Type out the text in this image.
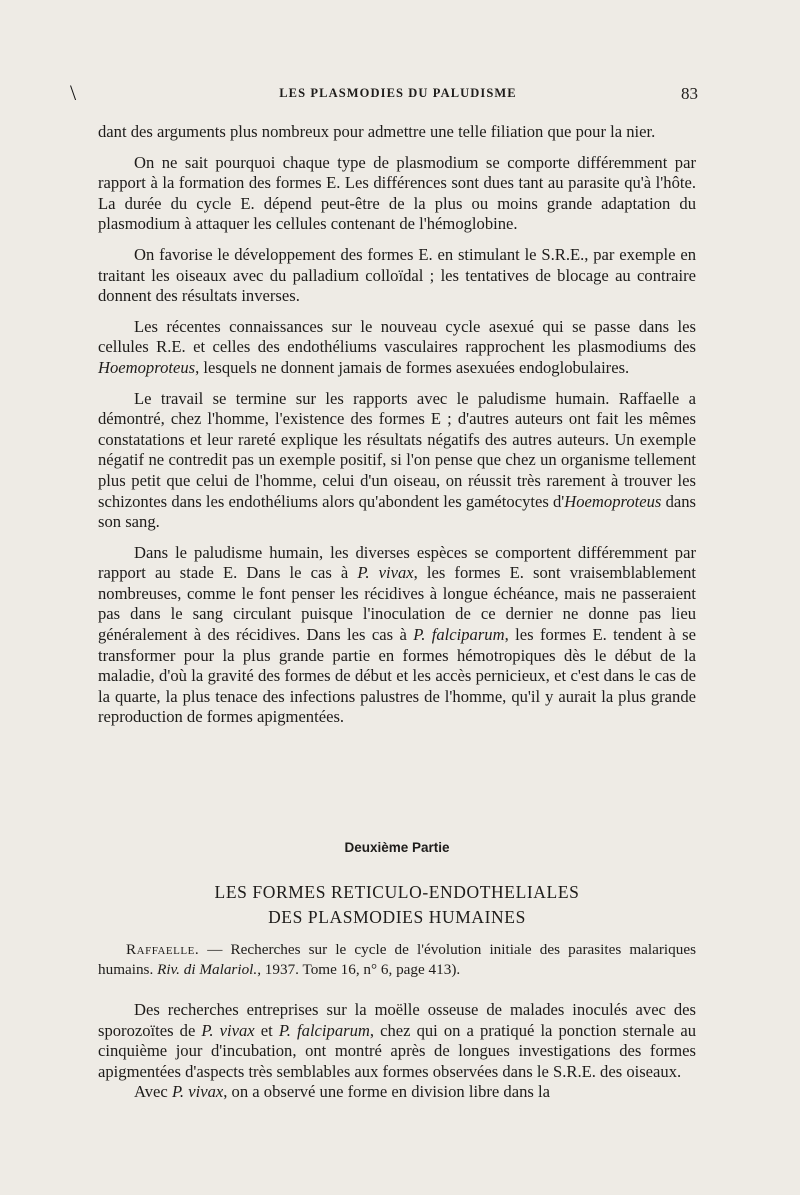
\	LES PLASMODIES DU PALUDISME	83

dant des arguments plus nombreux pour admettre une telle filiation que pour la nier.

On ne sait pourquoi chaque type de plasmodium se comporte différemment par rapport à la formation des formes E. Les différences sont dues tant au parasite qu'à l'hôte. La durée du cycle E. dépend peut-être de la plus ou moins grande adaptation du plasmodium à attaquer les cellules contenant de l'hémoglobine.

On favorise le développement des formes E. en stimulant le S.R.E., par exemple en traitant les oiseaux avec du palladium colloïdal ; les tentatives de blocage au contraire donnent des résultats inverses.

Les récentes connaissances sur le nouveau cycle asexué qui se passe dans les cellules R.E. et celles des endothéliums vasculaires rapprochent les plasmodiums des Hoemoproteus, lesquels ne donnent jamais de formes asexuées endoglobulaires.

Le travail se termine sur les rapports avec le paludisme humain. Raffaelle a démontré, chez l'homme, l'existence des formes E ; d'autres auteurs ont fait les mêmes constatations et leur rareté explique les résultats négatifs des autres auteurs. Un exemple négatif ne contredit pas un exemple positif, si l'on pense que chez un organisme tellement plus petit que celui de l'homme, celui d'un oiseau, on réussit très rarement à trouver les schizontes dans les endothéliums alors qu'abondent les gamétocytes d'Hoemoproteus dans son sang.

Dans le paludisme humain, les diverses espèces se comportent différemment par rapport au stade E. Dans le cas à P. vivax, les formes E. sont vraisemblablement nombreuses, comme le font penser les récidives à longue échéance, mais ne passeraient pas dans le sang circulant puisque l'inoculation de ce dernier ne donne pas lieu généralement à des récidives. Dans les cas à P. falciparum, les formes E. tendent à se transformer pour la plus grande partie en formes hémotropiques dès le début de la maladie, d'où la gravité des formes de début et les accès pernicieux, et c'est dans le cas de la quarte, la plus tenace des infections palustres de l'homme, qu'il y aurait la plus grande reproduction de formes apigmentées.

Deuxième Partie
LES FORMES RETICULO-ENDOTHELIALES
DES PLASMODIES HUMAINES
Raffaelle. — Recherches sur le cycle de l'évolution initiale des parasites malariques humains. Riv. di Malariol., 1937. Tome 16, n° 6, page 413).

Des recherches entreprises sur la moëlle osseuse de malades inoculés avec des sporozoïtes de P. vivax et P. falciparum, chez qui on a pratiqué la ponction sternale au cinquième jour d'incubation, ont montré après de longues investigations des formes apigmentées d'aspects très semblables aux formes observées dans le S.R.E. des oiseaux.

Avec P. vivax, on a observé une forme en division libre dans la
